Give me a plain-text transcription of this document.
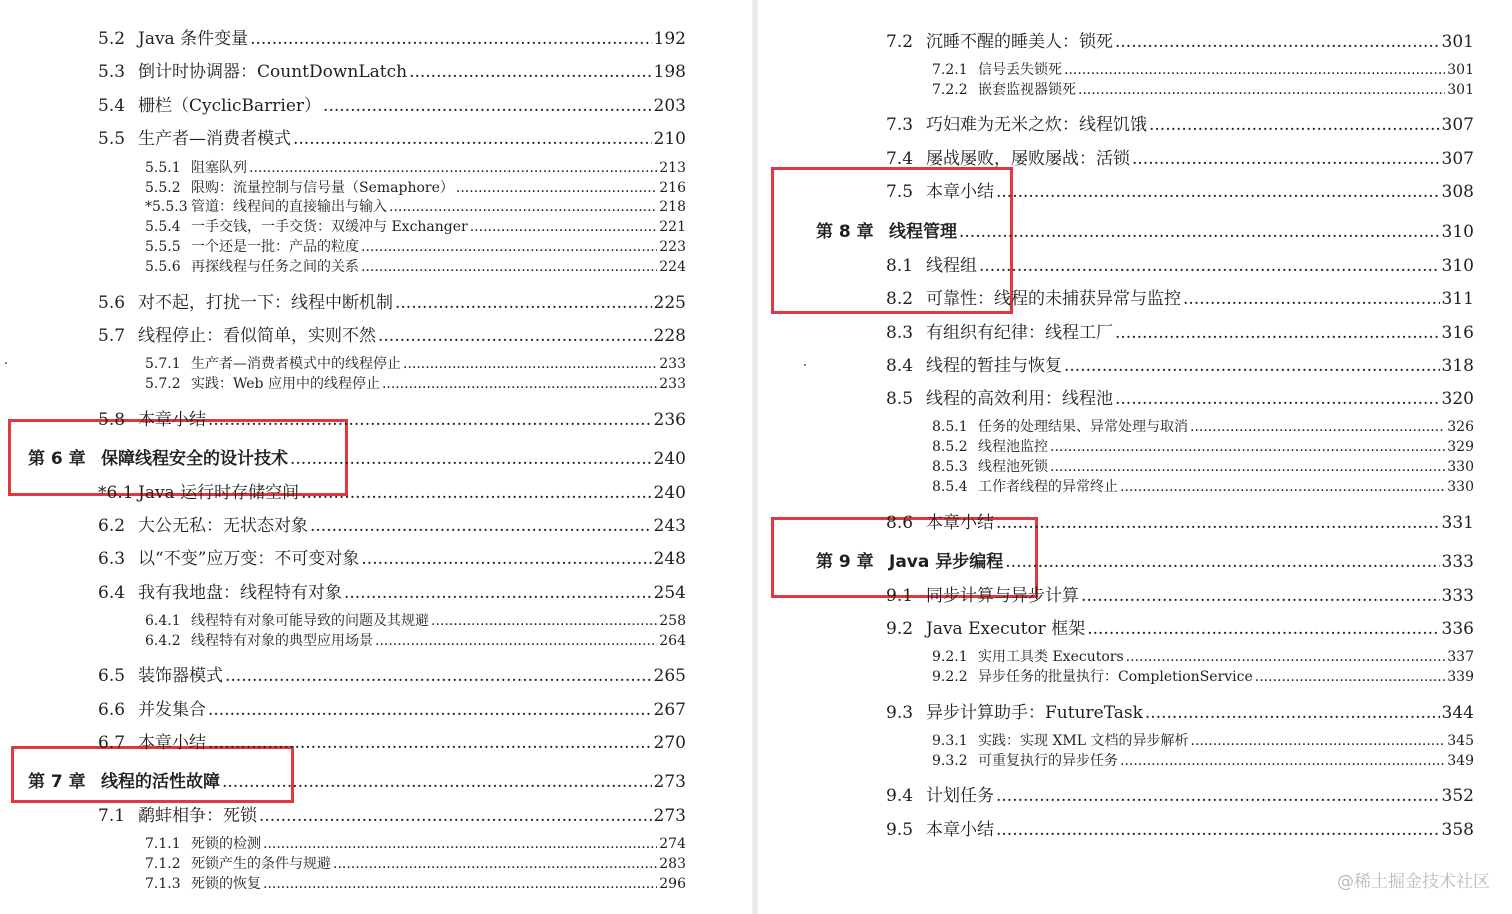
5.2 Java 条件变量 .....	192
5.3 倒计时协调器：CountDownLatch .....	198
5.4 栅栏（CyclicBarrier） .....	203
5.5 生产者—消费者模式 .....	210
5.5.1 阻塞队列 .....	213
5.5.2 限购：流量控制与信号量（Semaphore） .....	216
*5.5.3 管道：线程间的直接输出与输入 .....	218
5.5.4 一手交钱，一手交货：双缓冲与 Exchanger .....	221
5.5.5 一个还是一批：产品的粒度 .....	223
5.5.6 再探线程与任务之间的关系 .....	224
5.6 对不起，打扰一下：线程中断机制 .....	225
5.7 线程停止：看似简单，实则不然 .....	228
5.7.1 生产者—消费者模式中的线程停止 .....	233
5.7.2 实践：Web 应用中的线程停止 .....	233
5.8 本章小结 .....	236
第 6 章 保障线程安全的设计技术 .....	240
*6.1 Java 运行时存储空间 .....	240
6.2 大公无私：无状态对象 .....	243
6.3 以“不变”应万变：不可变对象 .....	248
6.4 我有我地盘：线程特有对象 .....	254
6.4.1 线程特有对象可能导致的问题及其规避 .....	258
6.4.2 线程特有对象的典型应用场景 .....	264
6.5 装饰器模式 .....	265
6.6 并发集合 .....	267
6.7 本章小结 .....	270
第 7 章 线程的活性故障 .....	273
7.1 鹬蚌相争：死锁 .....	273
7.1.1 死锁的检测 .....	274
7.1.2 死锁产生的条件与规避 .....	283
7.1.3 死锁的恢复 .....	296
7.2 沉睡不醒的睡美人：锁死 .....	301
7.2.1 信号丢失锁死 .....	301
7.2.2 嵌套监视器锁死 .....	301
7.3 巧妇难为无米之炊：线程饥饿 .....	307
7.4 屡战屡败，屡败屡战：活锁 .....	307
7.5 本章小结 .....	308
第 8 章 线程管理 .....	310
8.1 线程组 .....	310
8.2 可靠性：线程的未捕获异常与监控 .....	311
8.3 有组织有纪律：线程工厂 .....	316
8.4 线程的暂挂与恢复 .....	318
8.5 线程的高效利用：线程池 .....	320
8.5.1 任务的处理结果、异常处理与取消 .....	326
8.5.2 线程池监控 .....	329
8.5.3 线程池死锁 .....	330
8.5.4 工作者线程的异常终止 .....	330
8.6 本章小结 .....	331
第 9 章 Java 异步编程 .....	333
9.1 同步计算与异步计算 .....	333
9.2 Java Executor 框架 .....	336
9.2.1 实用工具类 Executors .....	337
9.2.2 异步任务的批量执行：CompletionService .....	339
9.3 异步计算助手：FutureTask .....	344
9.3.1 实践：实现 XML 文档的异步解析 .....	345
9.3.2 可重复执行的异步任务 .....	349
9.4 计划任务 .....	352
9.5 本章小结 .....	358
@稀土掘金技术社区
